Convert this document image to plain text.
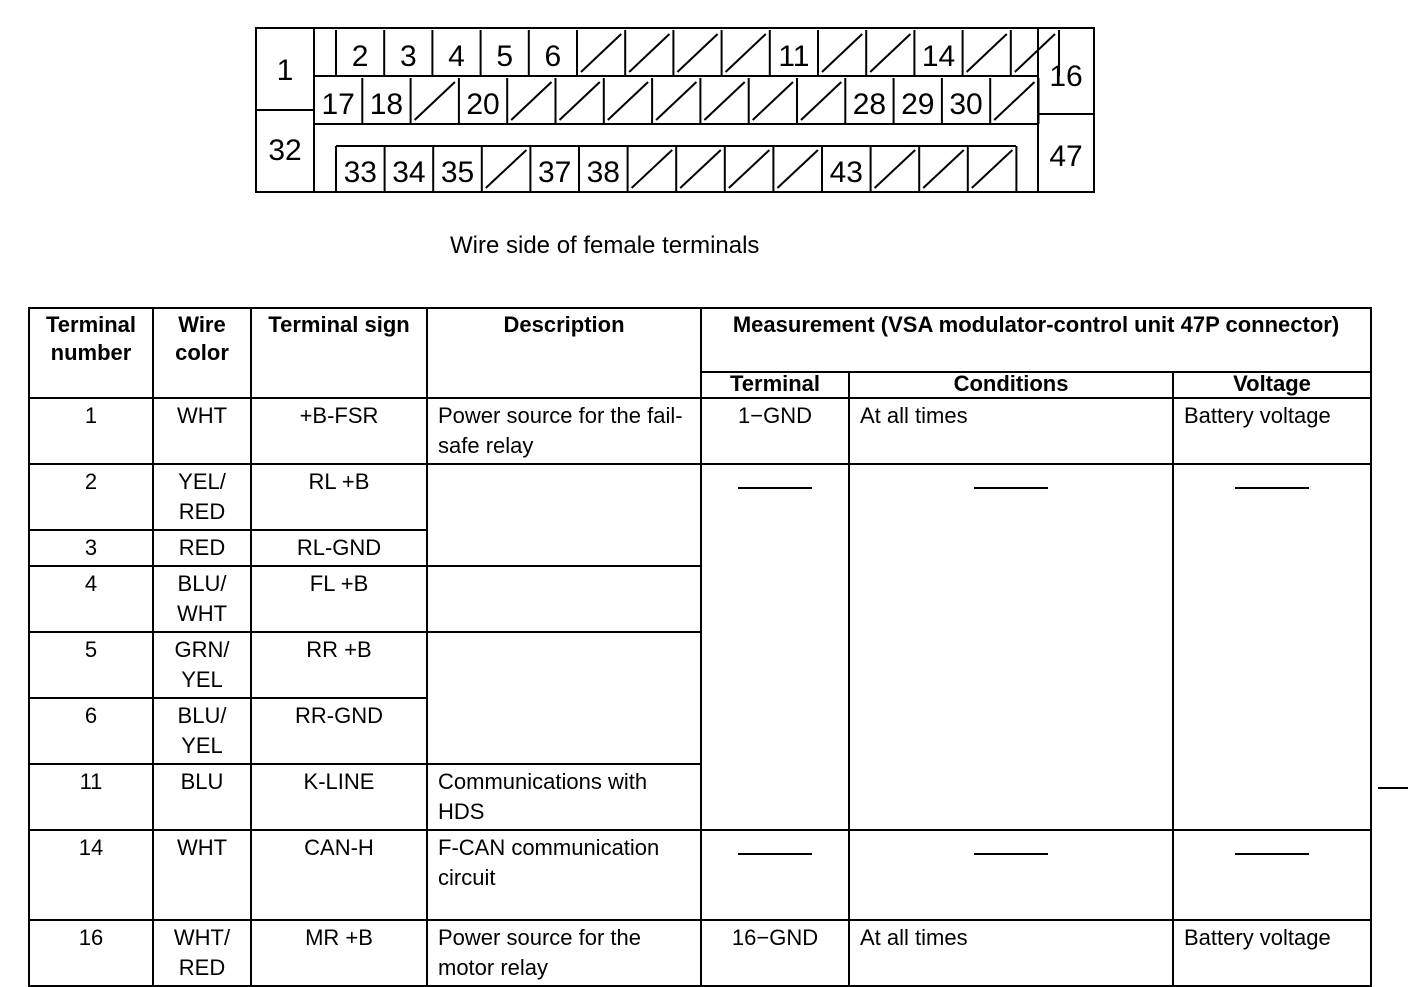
2 3 4 5 6	11	14
17 18 20	28 29 30
33 34 35 37 38	43
1
32
16
47
Wire side of female terminals
Terminal number	Wire color	Terminal sign	Description	Measurement (VSA modulator-control unit 47P connector)			
				Terminal	Conditions	Voltage	
1	WHT	+B-FSR	Power source for the fail-safe relay	1−GND	At all times	Battery voltage	
2	YEL/ RED	RL +B					
3	RED	RL-GND					
4	BLU/ WHT	FL +B					
5	GRN/ YEL	RR +B					
6	BLU/ YEL	RR-GND					
11	BLU	K-LINE	Communications with HDS				
14	WHT	CAN-H	F-CAN communication circuit				
16	WHT/ RED	MR +B	Power source for the motor relay	16−GND	At all times	Battery voltage	
